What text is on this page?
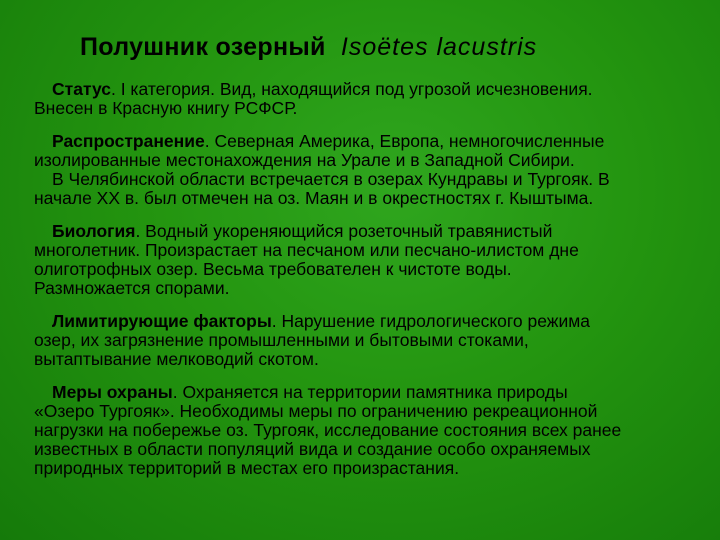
Полушник озерный Isoëtes lacustris
Статус. I категория. Вид, находящийся под угрозой исчезновения.
Внесен в Красную книгу РСФСР.
Распространение. Северная Америка, Европа, немногочисленные
изолированные местонахождения на Урале и в Западной Сибири.
В Челябинской области встречается в озерах Кундравы и Тургояк. В
начале XX в. был отмечен на оз. Маян и в окрестностях г. Кыштыма.
Биология. Водный укореняющийся розеточный травянистый
многолетник. Произрастает на песчаном или песчано-илистом дне
олиготрофных озер. Весьма требователен к чистоте воды.
Размножается спорами.
Лимитирующие факторы. Нарушение гидрологического режима
озер, их загрязнение промышленными и бытовыми стоками,
вытаптывание мелководий скотом.
Меры охраны. Охраняется на территории памятника природы
«Озеро Тургояк». Необходимы меры по ограничению рекреационной
нагрузки на побережье оз. Тургояк, исследование состояния всех ранее
известных в области популяций вида и создание особо охраняемых
природных территорий в местах его произрастания.
